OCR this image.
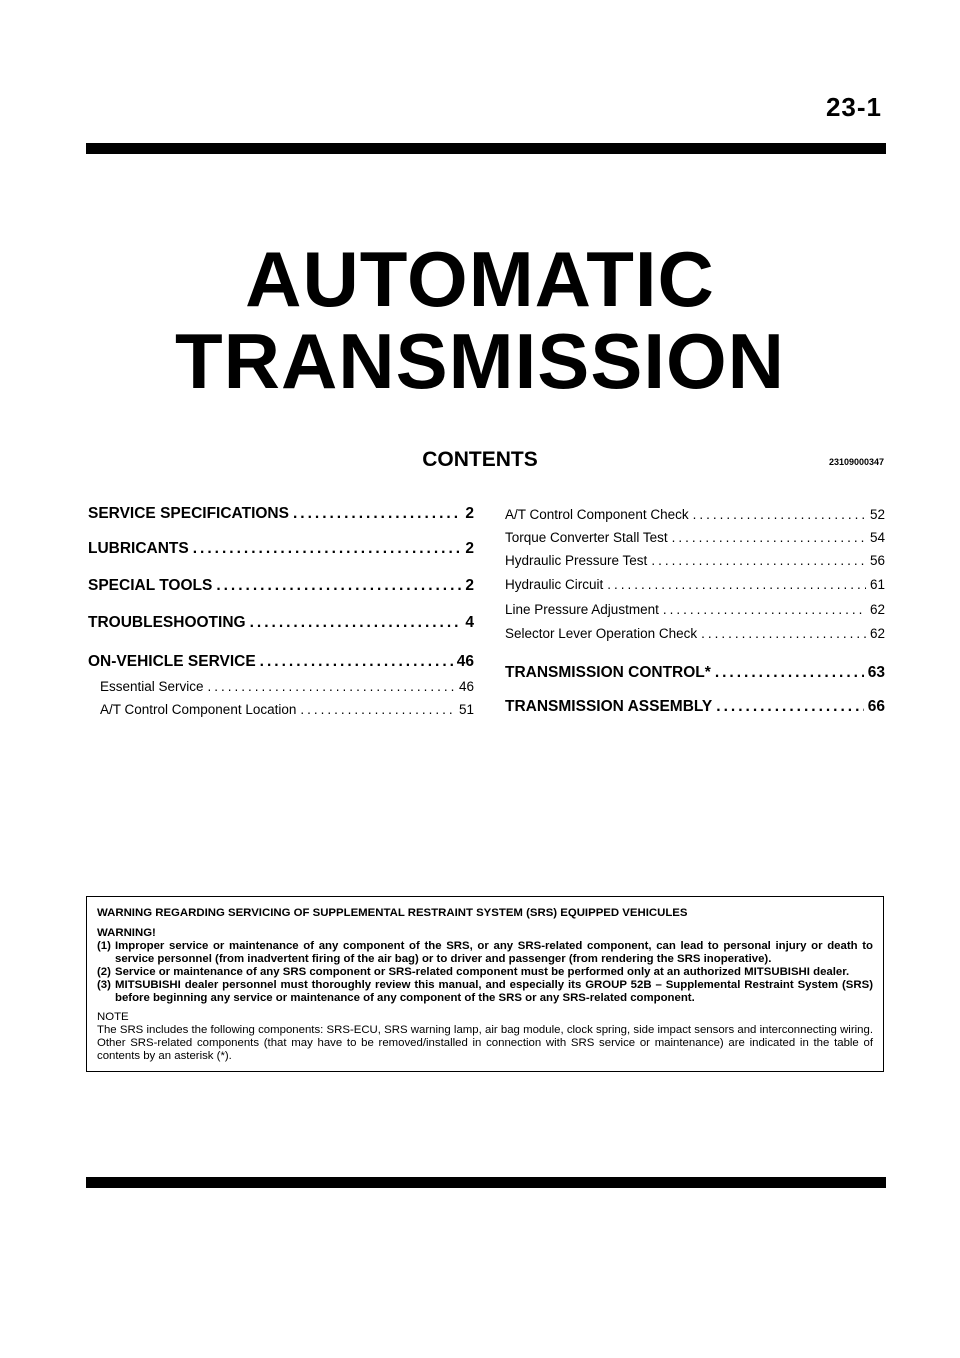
23-1
AUTOMATIC
TRANSMISSION
CONTENTS	23109000347
SERVICE SPECIFICATIONS .....	2
LUBRICANTS .....	2
SPECIAL TOOLS .....	2
TROUBLESHOOTING .....	4
ON-VEHICLE SERVICE .....	46
Essential Service .....	46
A/T Control Component Location .....	51
A/T Control Component Check .....	52
Torque Converter Stall Test .....	54
Hydraulic Pressure Test .....	56
Hydraulic Circuit .....	61
Line Pressure Adjustment .....	62
Selector Lever Operation Check .....	62
TRANSMISSION CONTROL* .....	63
TRANSMISSION ASSEMBLY .....	66
WARNING REGARDING SERVICING OF SUPPLEMENTAL RESTRAINT SYSTEM (SRS) EQUIPPED VEHICULES
WARNING!
(1) Improper service or maintenance of any component of the SRS, or any SRS-related component, can lead to personal injury or death to service personnel (from inadvertent firing of the air bag) or to driver and passenger (from rendering the SRS inoperative).
(2) Service or maintenance of any SRS component or SRS-related component must be performed only at an authorized MITSUBISHI dealer.
(3) MITSUBISHI dealer personnel must thoroughly review this manual, and especially its GROUP 52B – Supplemental Restraint System (SRS) before beginning any service or maintenance of any component of the SRS or any SRS-related component.
NOTE
The SRS includes the following components: SRS-ECU, SRS warning lamp, air bag module, clock spring, side impact sensors and interconnecting wiring. Other SRS-related components (that may have to be removed/installed in connection with SRS service or maintenance) are indicated in the table of contents by an asterisk (*).
